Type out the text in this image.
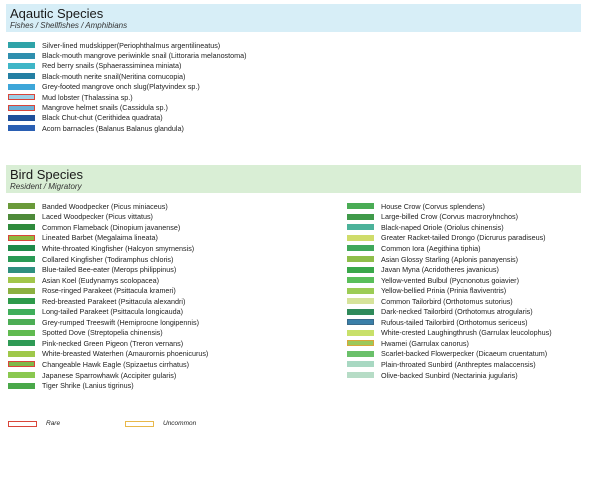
Aqautic Species
Fishes / Shellfishes / Amphibians
Silver-lined mudskipper(Periophthalmus argentilineatus)
Black-mouth mangrove periwinkle snail (Littoraria melanostoma)
Red berry snails (Sphaerassiminea miniata)
Black-mouth nerite snail(Neritina cornucopia)
Grey-footed mangrove onch slug(Platyvindex sp.)
Mud lobster (Thalassina sp.)
Mangrove helmet snails (Cassidula sp.)
Black Chut-chut (Cerithidea quadrata)
Acorn barnacles (Balanus Balanus glandula)
Bird Species
Resident / Migratory
Banded Woodpecker (Picus miniaceus)
Laced Woodpecker (Picus vittatus)
Common Flameback (Dinopium javanense)
Lineated Barbet (Megalaima lineata)
White-throated Kingfisher (Halcyon smyrnensis)
Collared Kingfisher (Todiramphus chloris)
Blue-tailed Bee-eater (Merops philippinus)
Asian Koel (Eudynamys scolopacea)
Rose-ringed Parakeet (Psittacula krameri)
Red-breasted Parakeet (Psittacula alexandri)
Long-tailed Parakeet (Psittacula longicauda)
Grey-rumped Treeswift (Hemiprocne longipennis)
Spotted Dove (Streptopelia chinensis)
Pink-necked Green Pigeon (Treron vernans)
White-breasted Waterhen (Amaurornis phoenicurus)
Changeable Hawk Eagle (Spizaetus cirrhatus)
Japanese Sparrowhawk (Accipiter gularis)
Tiger Shrike (Lanius tigrinus)
House Crow (Corvus splendens)
Large-billed Crow (Corvus macroryhnchos)
Black-naped Oriole (Oriolus chinensis)
Greater Racket-tailed Drongo (Dicrurus paradiseus)
Common Iora (Aegithina tiphia)
Asian Glossy Starling (Aplonis panayensis)
Javan Myna (Acridotheres javanicus)
Yellow-vented Bulbul (Pycnonotus goiavier)
Yellow-bellied Prinia (Prinia flaviventris)
Common Tailorbird (Orthotomus sutorius)
Dark-necked Tailorbird (Orthotomus atrogularis)
Rufous-tailed Tailorbird (Orthotomus sericeus)
White-crested Laughingthrush (Garrulax leucolophus)
Hwamei (Garrulax canorus)
Scarlet-backed Flowerpecker (Dicaeum cruentatum)
Plain-throated Sunbird (Anthreptes malaccensis)
Olive-backed Sunbird (Nectarinia jugularis)
Rare	Uncommon
